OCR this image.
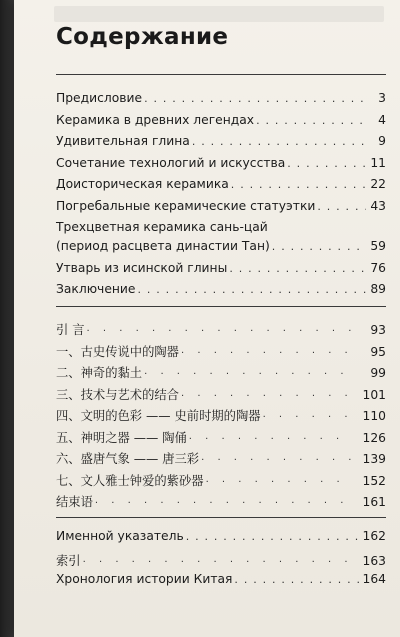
Содержание
Предисловие . . .	3
Керамика в древних легендах . . .	4
Удивительная глина . . .	9
Сочетание технологий и искусства . . .	11
Доисторическая керамика . . .	22
Погребальные керамические статуэтки . . .	43
Трехцветная керамика сань-цай
(период расцвета династии Тан) . . .	59
Утварь из исинской глины . . .	76
Заключение . . .	89
引 言 · · ·	93
一、古史传说中的陶器 · · ·	95
二、神奇的黏土 · · ·	99
三、技术与艺术的结合 · · ·	101
四、文明的色彩 —— 史前时期的陶器 · · ·	110
五、神明之器 —— 陶俑 · · ·	126
六、盛唐气象 —— 唐三彩 · · ·	139
七、文人雅士钟爱的紫砂器 · · ·	152
结束语 · · ·	161
Именной указатель . . .	162
索引 · · ·	163
Хронология истории Китая . . .	164
